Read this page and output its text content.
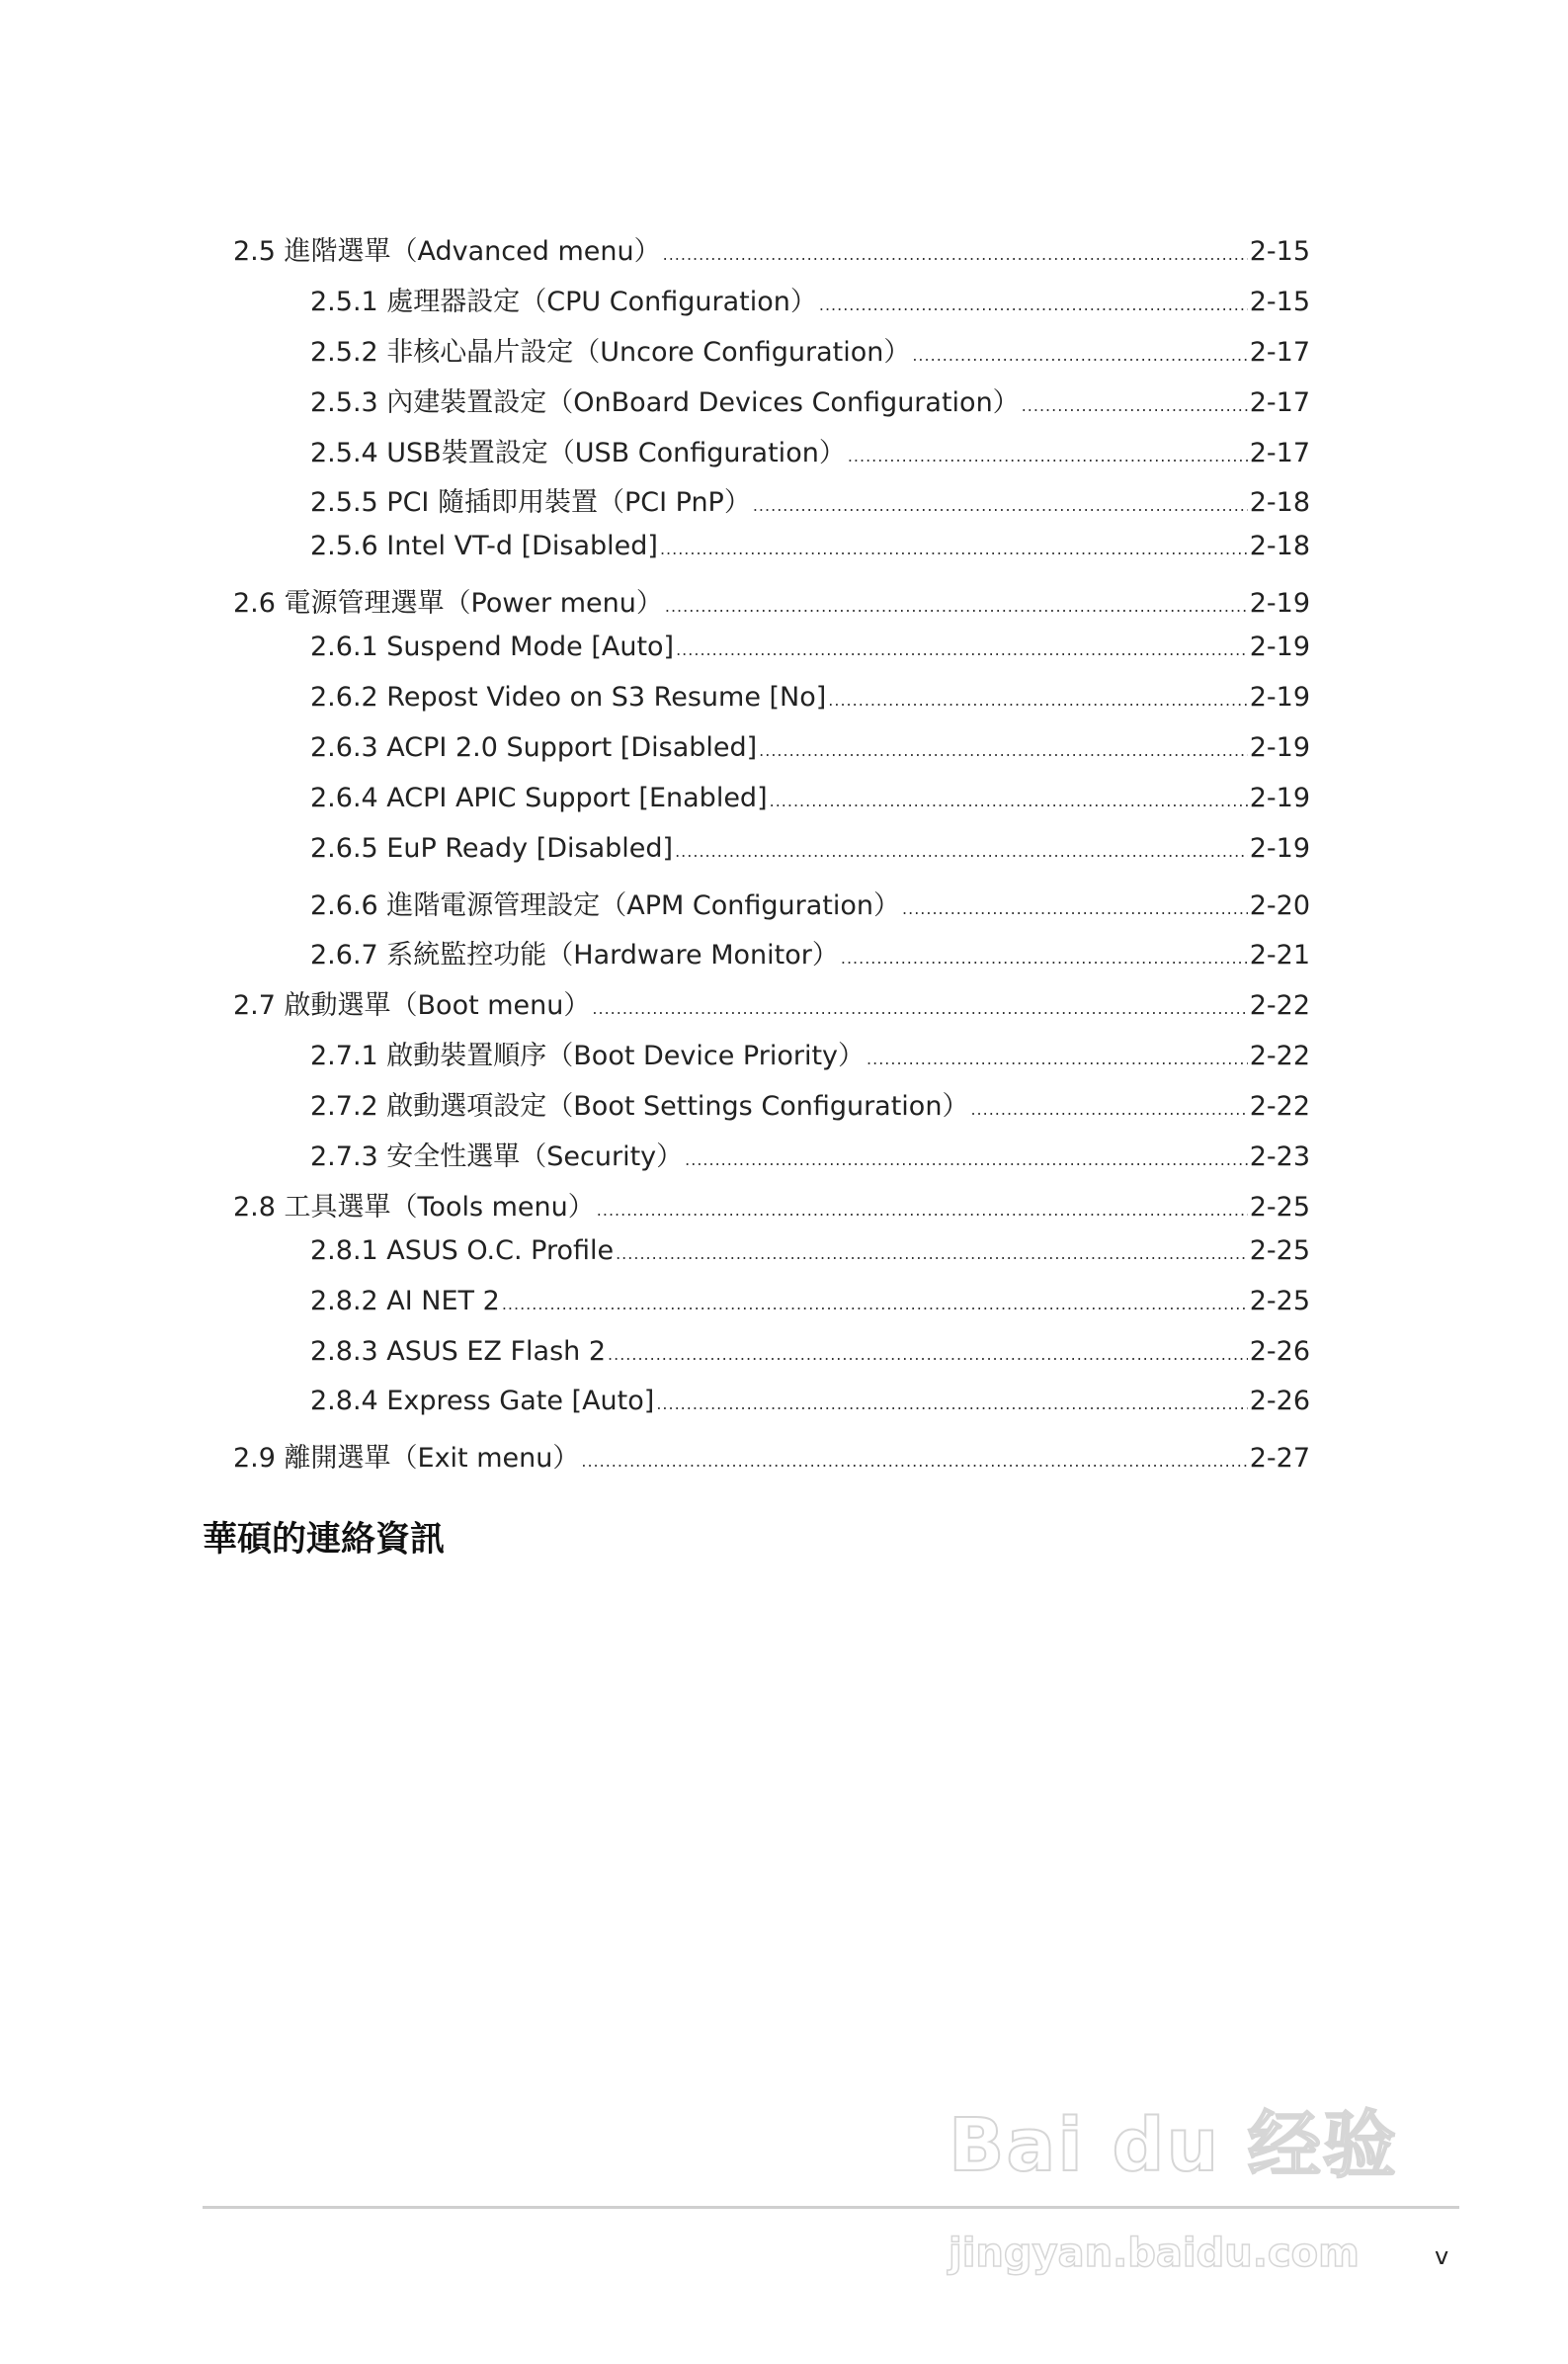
2.5 進階選單（Advanced menu） .....	2-15
2.5.1 處理器設定（CPU Configuration） .....	2-15
2.5.2 非核心晶片設定（Uncore Configuration） .....	2-17
2.5.3 內建裝置設定（OnBoard Devices Configuration） .....	2-17
2.5.4 USB裝置設定（USB Configuration） .....	2-17
2.5.5 PCI 隨插即用裝置（PCI PnP） .....	2-18
2.5.6 Intel VT-d [Disabled] .....	2-18
2.6 電源管理選單（Power menu） .....	2-19
2.6.1 Suspend Mode [Auto] .....	2-19
2.6.2 Repost Video on S3 Resume [No] .....	2-19
2.6.3 ACPI 2.0 Support [Disabled] .....	2-19
2.6.4 ACPI APIC Support [Enabled] .....	2-19
2.6.5 EuP Ready [Disabled] .....	2-19
2.6.6 進階電源管理設定（APM Configuration） .....	2-20
2.6.7 系統監控功能（Hardware Monitor） .....	2-21
2.7 啟動選單（Boot menu） .....	2-22
2.7.1 啟動裝置順序（Boot Device Priority） .....	2-22
2.7.2 啟動選項設定（Boot Settings Configuration） .....	2-22
2.7.3 安全性選單（Security） .....	2-23
2.8 工具選單（Tools menu） .....	2-25
2.8.1 ASUS O.C. Profile .....	2-25
2.8.2 AI NET 2 .....	2-25
2.8.3 ASUS EZ Flash 2 .....	2-26
2.8.4 Express Gate [Auto] .....	2-26
2.9 離開選單（Exit menu） .....	2-27
華碩的連絡資訊
Bai du 经验
jingyan.baidu.com	v
